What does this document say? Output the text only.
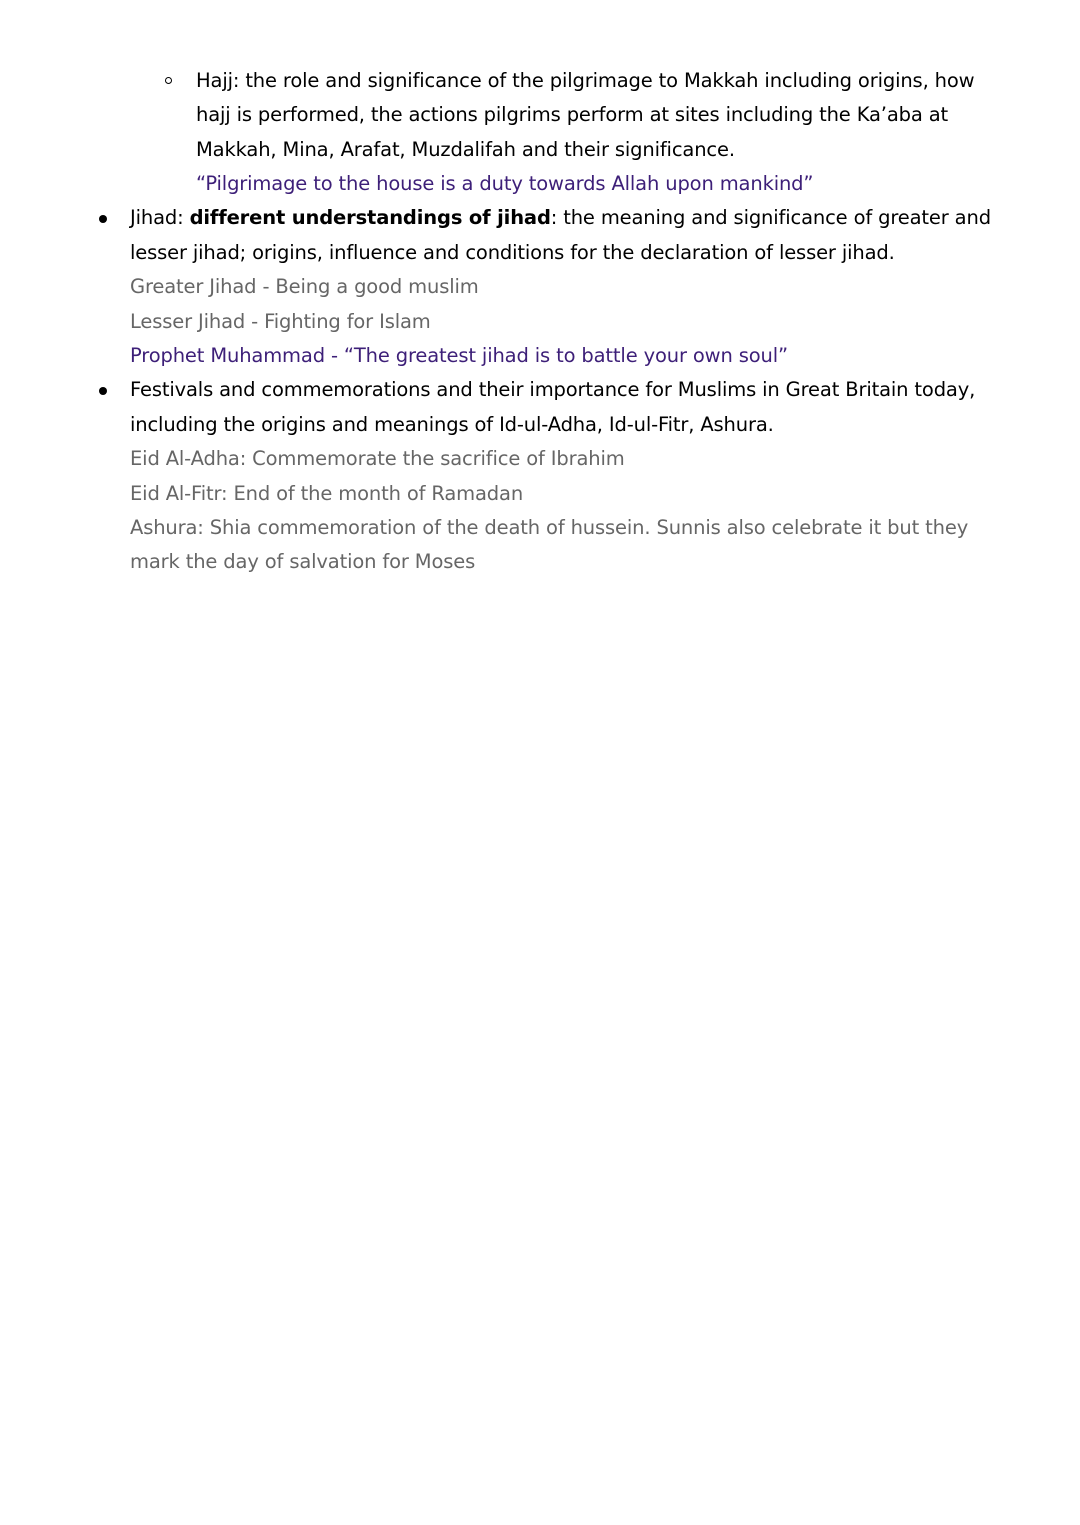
Hajj: the role and significance of the pilgrimage to Makkah including origins, how
hajj is performed, the actions pilgrims perform at sites including the Ka’aba at
Makkah, Mina, Arafat, Muzdalifah and their significance.
“Pilgrimage to the house is a duty towards Allah upon mankind”
Jihad: different understandings of jihad: the meaning and significance of greater and
lesser jihad; origins, influence and conditions for the declaration of lesser jihad.
Greater Jihad - Being a good muslim
Lesser Jihad - Fighting for Islam
Prophet Muhammad - “The greatest jihad is to battle your own soul”
Festivals and commemorations and their importance for Muslims in Great Britain today,
including the origins and meanings of Id-ul-Adha, Id-ul-Fitr, Ashura.
Eid Al-Adha: Commemorate the sacrifice of Ibrahim
Eid Al-Fitr: End of the month of Ramadan
Ashura: Shia commemoration of the death of hussein. Sunnis also celebrate it but they
mark the day of salvation for Moses
